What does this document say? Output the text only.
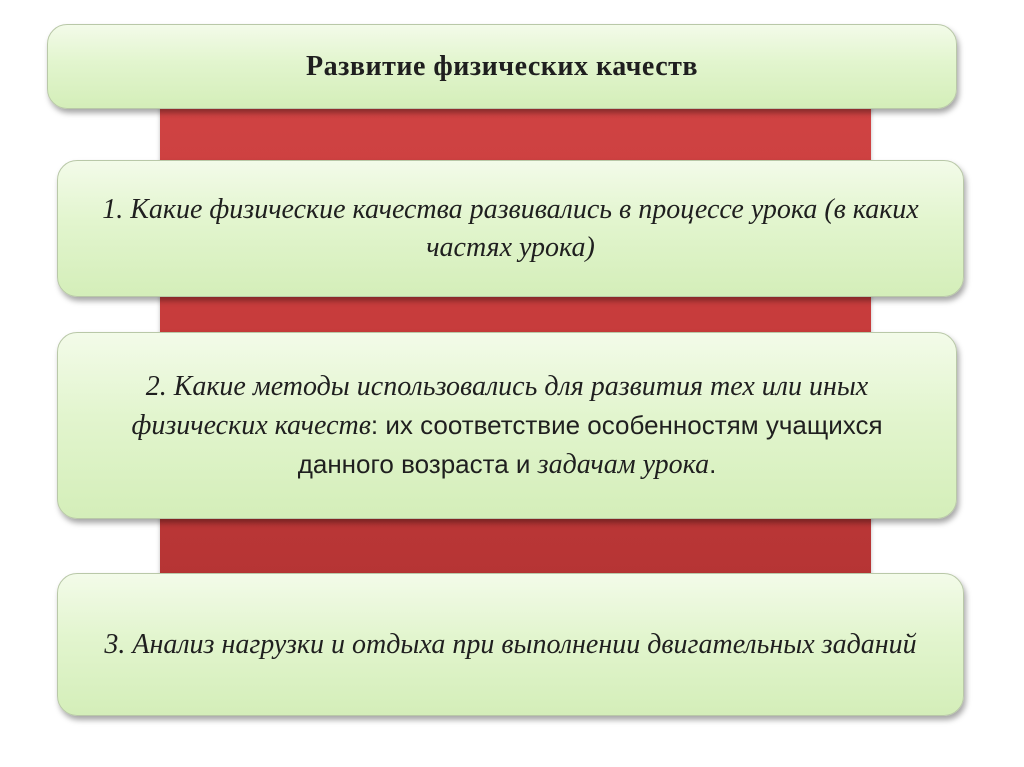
Развитие физических качеств
1. Какие физические качества развивались в процессе урока (в каких частях урока)
2. Какие методы использовались для развития тех или иных физических качеств: их соответствие особенностям учащихся данного возраста и задачам урока.
3. Анализ нагрузки и отдыха при выполнении двигательных заданий
